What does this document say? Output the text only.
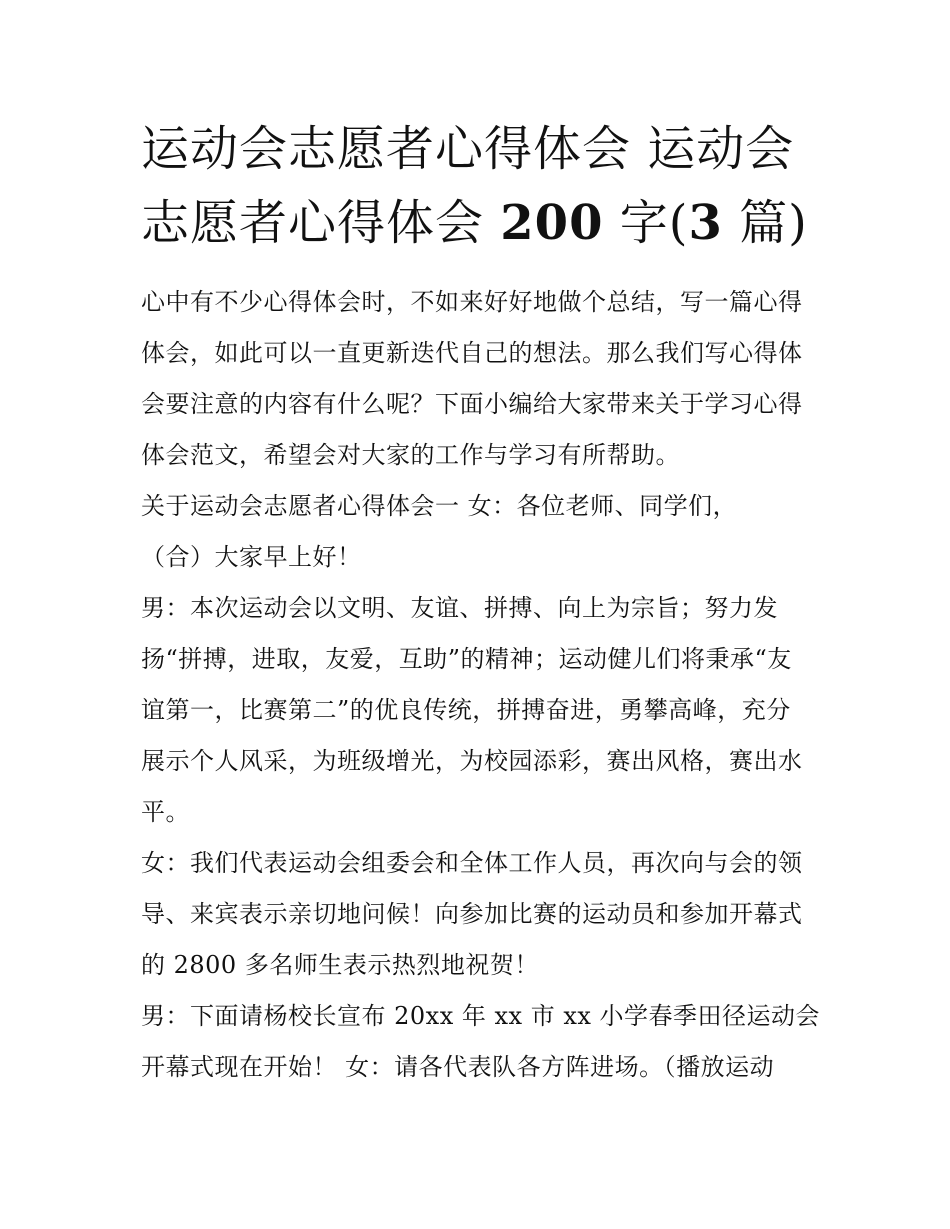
运动会志愿者心得体会 运动会
志愿者心得体会 200 字(3 篇)
心中有不少心得体会时，不如来好好地做个总结，写一篇心得
体会，如此可以一直更新迭代自己的想法。那么我们写心得体
会要注意的内容有什么呢？下面小编给大家带来关于学习心得
体会范文，希望会对大家的工作与学习有所帮助。
关于运动会志愿者心得体会一 女：各位老师、同学们，
（合）大家早上好！
男：本次运动会以文明、友谊、拼搏、向上为宗旨；努力发
扬“拼搏，进取，友爱，互助”的精神；运动健儿们将秉承“友
谊第一，比赛第二”的优良传统，拼搏奋进，勇攀高峰，充分
展示个人风采，为班级增光，为校园添彩，赛出风格，赛出水
平。
女：我们代表运动会组委会和全体工作人员，再次向与会的领
导、来宾表示亲切地问候！向参加比赛的运动员和参加开幕式
的 2800 多名师生表示热烈地祝贺！
男：下面请杨校长宣布 20xx 年 xx 市 xx 小学春季田径运动会
开幕式现在开始！ 女：请各代表队各方阵进场。（播放运动
